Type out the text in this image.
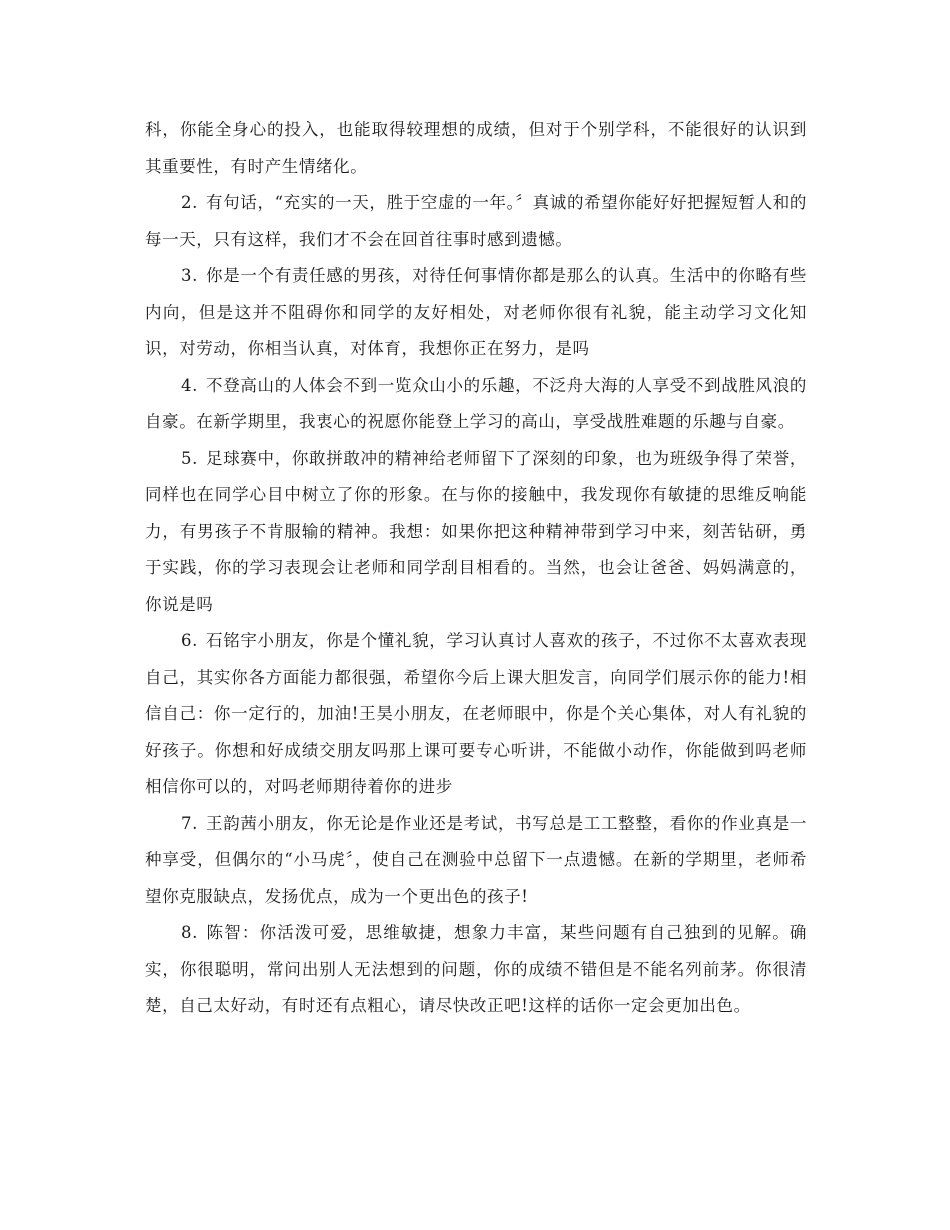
科，你能全身心的投入，也能取得较理想的成绩，但对于个别学科，不能很好的认识到其重要性，有时产生情绪化。

2. 有句话，“充实的一天，胜于空虚的一年。〞真诚的希望你能好好把握短暂人和的每一天，只有这样，我们才不会在回首往事时感到遗憾。

3. 你是一个有责任感的男孩，对待任何事情你都是那么的认真。生活中的你略有些内向，但是这并不阻碍你和同学的友好相处，对老师你很有礼貌，能主动学习文化知识，对劳动，你相当认真，对体育，我想你正在努力，是吗

4. 不登高山的人体会不到一览众山小的乐趣，不泛舟大海的人享受不到战胜风浪的自豪。在新学期里，我衷心的祝愿你能登上学习的高山，享受战胜难题的乐趣与自豪。

5. 足球赛中，你敢拼敢冲的精神给老师留下了深刻的印象，也为班级争得了荣誉，同样也在同学心目中树立了你的形象。在与你的接触中，我发现你有敏捷的思维反响能力，有男孩子不肯服输的精神。我想：如果你把这种精神带到学习中来，刻苦钻研，勇于实践，你的学习表现会让老师和同学刮目相看的。当然，也会让爸爸、妈妈满意的，你说是吗

6. 石铭宇小朋友，你是个懂礼貌，学习认真讨人喜欢的孩子，不过你不太喜欢表现自己，其实你各方面能力都很强，希望你今后上课大胆发言，向同学们展示你的能力!相信自己：你一定行的，加油!王昊小朋友，在老师眼中，你是个关心集体，对人有礼貌的好孩子。你想和好成绩交朋友吗那上课可要专心听讲，不能做小动作，你能做到吗老师相信你可以的，对吗老师期待着你的进步

7. 王韵茜小朋友，你无论是作业还是考试，书写总是工工整整，看你的作业真是一种享受，但偶尔的“小马虎〞，使自己在测验中总留下一点遗憾。在新的学期里，老师希望你克服缺点，发扬优点，成为一个更出色的孩子!

8. 陈智：你活泼可爱，思维敏捷，想象力丰富，某些问题有自己独到的见解。确实，你很聪明，常问出别人无法想到的问题，你的成绩不错但是不能名列前茅。你很清楚，自己太好动，有时还有点粗心，请尽快改正吧!这样的话你一定会更加出色。
